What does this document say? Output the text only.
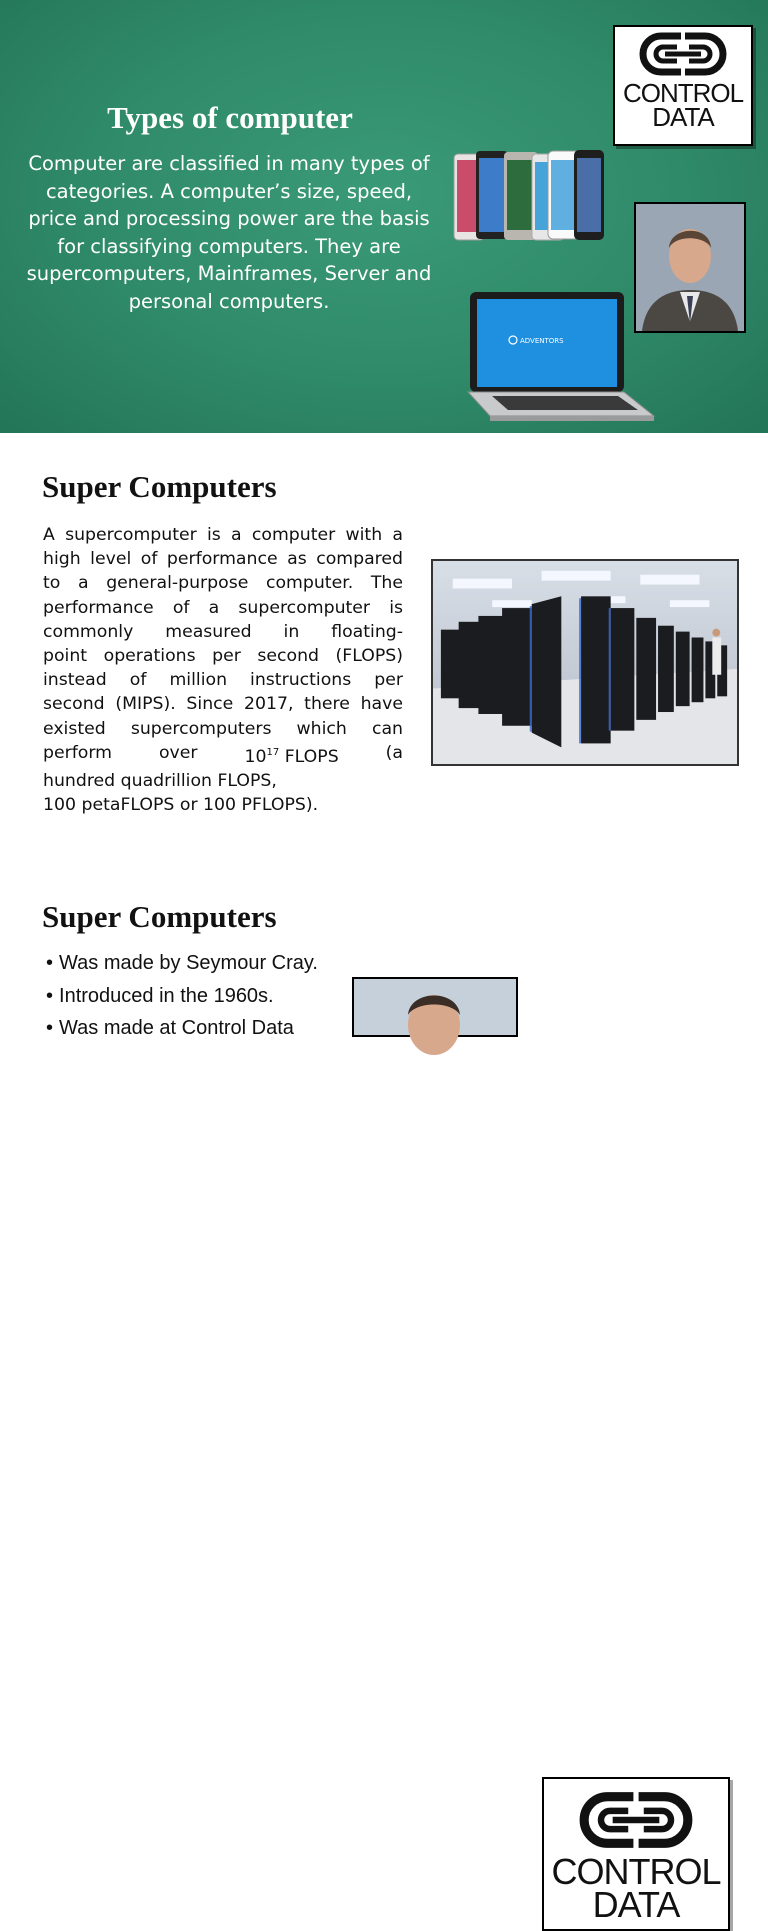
Types of computer
Computer are classified in many types of categories. A computer’s size, speed, price and processing power are the basis for classifying computers. They are supercomputers, Mainframes, Server and personal computers.
CONTROL
DATA
ADVENTORS
Super Computers
A supercomputer is a computer with a
high level of performance as compared
to a general-purpose computer. The
performance of a supercomputer is
commonly measured in floating-
point operations per second (FLOPS)
instead of million instructions per
second (MIPS). Since 2017, there have
existed supercomputers which can
perform	over	$10^{17}$ FLOPS	(a
hundred quadrillion FLOPS,
100 petaFLOPS or 100 PFLOPS).
Super Computers
• Was made by Seymour Cray.
• Introduced in the 1960s.
• Was made at Control Data
CONTROL
DATA
